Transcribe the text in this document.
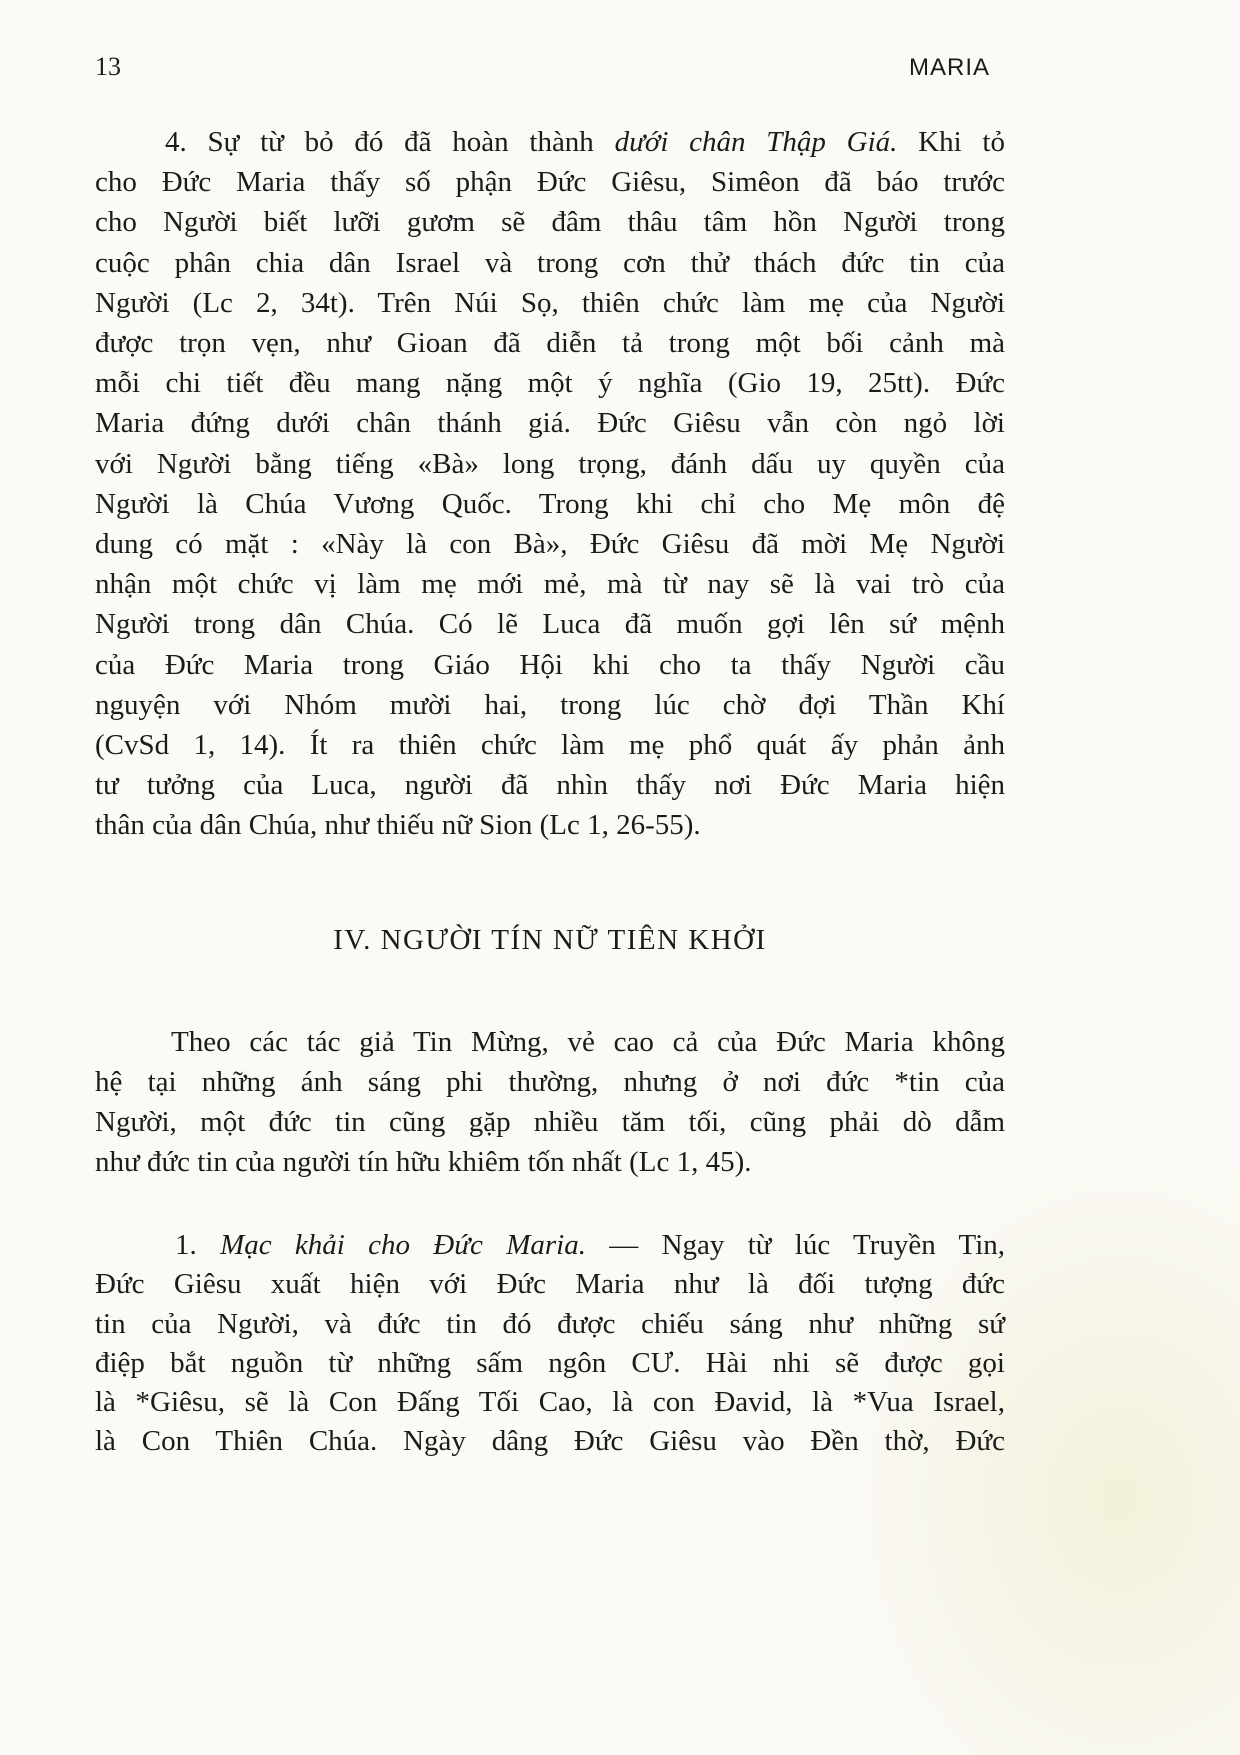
13	MARIA
4. Sự từ bỏ đó đã hoàn thành dưới chân Thập Giá. Khi tỏ
cho Đức Maria thấy số phận Đức Giêsu, Simêon đã báo trước
cho Người biết lưỡi gươm sẽ đâm thâu tâm hồn Người trong
cuộc phân chia dân Israel và trong cơn thử thách đức tin của
Người (Lc 2, 34t). Trên Núi Sọ, thiên chức làm mẹ của Người
được trọn vẹn, như Gioan đã diễn tả trong một bối cảnh mà
mỗi chi tiết đều mang nặng một ý nghĩa (Gio 19, 25tt). Đức
Maria đứng dưới chân thánh giá. Đức Giêsu vẫn còn ngỏ lời
với Người bằng tiếng «Bà» long trọng, đánh dấu uy quyền của
Người là Chúa Vương Quốc. Trong khi chỉ cho Mẹ môn đệ
dung có mặt : «Này là con Bà», Đức Giêsu đã mời Mẹ Người
nhận một chức vị làm mẹ mới mẻ, mà từ nay sẽ là vai trò của
Người trong dân Chúa. Có lẽ Luca đã muốn gợi lên sứ mệnh
của Đức Maria trong Giáo Hội khi cho ta thấy Người cầu
nguyện với Nhóm mười hai, trong lúc chờ đợi Thần Khí
(CvSd 1, 14). Ít ra thiên chức làm mẹ phổ quát ấy phản ảnh
tư tưởng của Luca, người đã nhìn thấy nơi Đức Maria hiện
thân của dân Chúa, như thiếu nữ Sion (Lc 1, 26-55).
IV. NGƯỜI TÍN NỮ TIÊN KHỞI
Theo các tác giả Tin Mừng, vẻ cao cả của Đức Maria không
hệ tại những ánh sáng phi thường, nhưng ở nơi đức *tin của
Người, một đức tin cũng gặp nhiều tăm tối, cũng phải dò dẫm
như đức tin của người tín hữu khiêm tốn nhất (Lc 1, 45).
1. Mạc khải cho Đức Maria. — Ngay từ lúc Truyền Tin,
Đức Giêsu xuất hiện với Đức Maria như là đối tượng đức
tin của Người, và đức tin đó được chiếu sáng như những sứ
điệp bắt nguồn từ những sấm ngôn CƯ. Hài nhi sẽ được gọi
là *Giêsu, sẽ là Con Đấng Tối Cao, là con Đavid, là *Vua Israel,
là Con Thiên Chúa. Ngày dâng Đức Giêsu vào Đền thờ, Đức
